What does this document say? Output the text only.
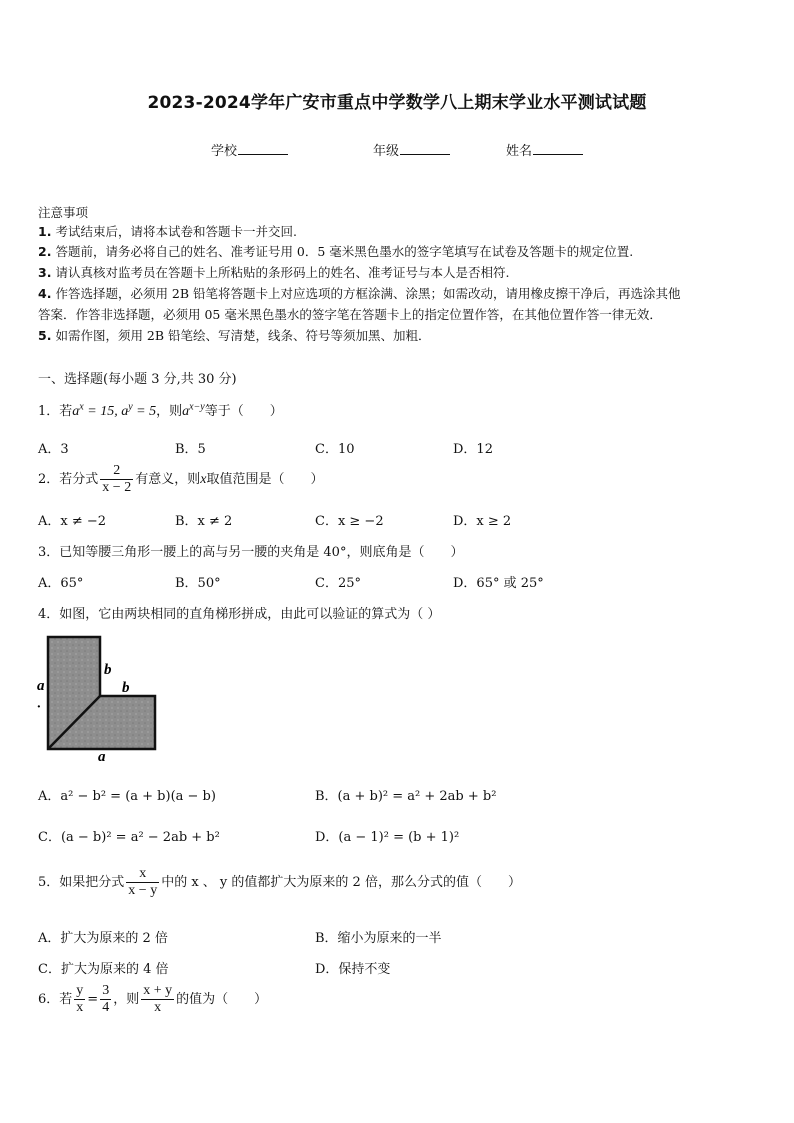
2023-2024学年广安市重点中学数学八上期末学业水平测试试题
学校	年级	姓名
注意事项
1. 考试结束后，请将本试卷和答题卡一并交回.
2. 答题前，请务必将自己的姓名、准考证号用 0．5 毫米黑色墨水的签字笔填写在试卷及答题卡的规定位置.
3. 请认真核对监考员在答题卡上所粘贴的条形码上的姓名、准考证号与本人是否相符.
4. 作答选择题，必须用 2B 铅笔将答题卡上对应选项的方框涂满、涂黑；如需改动，请用橡皮擦干净后，再选涂其他
答案．作答非选择题，必须用 05 毫米黑色墨水的签字笔在答题卡上的指定位置作答，在其他位置作答一律无效．
5. 如需作图，须用 2B 铅笔绘、写清楚，线条、符号等须加黑、加粗．
一、选择题(每小题 3 分,共 30 分)
1．若$a^x = 15$, $a^y = 5$，则$a^{x-y}$等于（　　）
A．3	B．5	C．10	D．12
2．若分式 $\frac{2}{x - 2}$ 有意义，则x取值范围是（　　）
A．x ≠ −2	B．x ≠ 2	C．x ≥ −2	D．x ≥ 2
3．已知等腰三角形一腰上的高与另一腰的夹角是 40°，则底角是（　　）
A．65°	B．50°	C．25°	D．65° 或 25°
4．如图，它由两块相同的直角梯形拼成，由此可以验证的算式为（ ）
b
b
a
a
·
A．a² − b² = (a + b)(a − b)	B．(a + b)² = a² + 2ab + b²
C．(a − b)² = a² − 2ab + b²	D．(a − 1)² = (b + 1)²
5．如果把分式 $\frac{x}{x - y}$ 中的 x 、 y 的值都扩大为原来的 2 倍，那么分式的值（　　）
A．扩大为原来的 2 倍	B．缩小为原来的一半
C．扩大为原来的 4 倍	D．保持不变
6．若 $\frac{y}{x} = \frac{3}{4}$ ，则 $\frac{x + y}{x}$ 的值为（　　）
